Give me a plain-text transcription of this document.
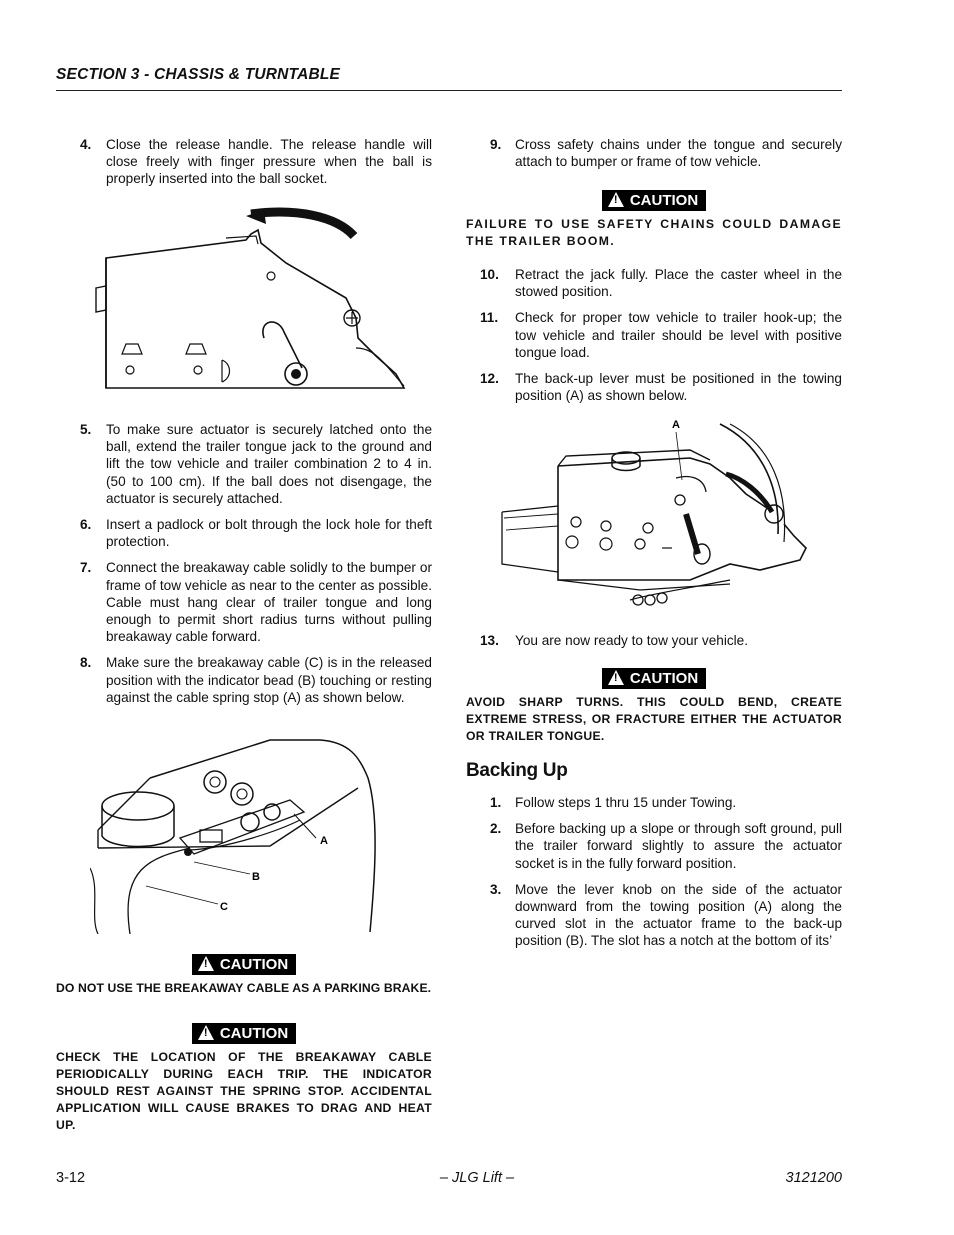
SECTION 3 - CHASSIS & TURNTABLE
4. Close the release handle. The release handle will close freely with finger pressure when the ball is properly inserted into the ball socket.
5. To make sure actuator is securely latched onto the ball, extend the trailer tongue jack to the ground and lift the tow vehicle and trailer combination 2 to 4 in. (50 to 100 cm). If the ball does not disengage, the actuator is securely attached.
6. Insert a padlock or bolt through the lock hole for theft protection.
7. Connect the breakaway cable solidly to the bumper or frame of tow vehicle as near to the center as possible. Cable must hang clear of trailer tongue and long enough to permit short radius turns without pulling breakaway cable forward.
8. Make sure the breakaway cable (C) is in the released position with the indicator bead (B) touching or resting against the cable spring stop (A) as shown below.
A
B
C
! CAUTION
DO NOT USE THE BREAKAWAY CABLE AS A PARKING BRAKE.
! CAUTION
CHECK THE LOCATION OF THE BREAKAWAY CABLE PERIODICALLY DURING EACH TRIP. THE INDICATOR SHOULD REST AGAINST THE SPRING STOP. ACCIDENTAL APPLICATION WILL CAUSE BRAKES TO DRAG AND HEAT UP.
9. Cross safety chains under the tongue and securely attach to bumper or frame of tow vehicle.
! CAUTION
FAILURE TO USE SAFETY CHAINS COULD DAMAGE THE TRAILER BOOM.
10. Retract the jack fully. Place the caster wheel in the stowed position.
11. Check for proper tow vehicle to trailer hook-up; the tow vehicle and trailer should be level with positive tongue load.
12. The back-up lever must be positioned in the towing position (A) as shown below.
A
13. You are now ready to tow your vehicle.
! CAUTION
AVOID SHARP TURNS. THIS COULD BEND, CREATE EXTREME STRESS, OR FRACTURE EITHER THE ACTUATOR OR TRAILER TONGUE.
Backing Up
1. Follow steps 1 thru 15 under Towing.
2. Before backing up a slope or through soft ground, pull the trailer forward slightly to assure the actuator socket is in the fully forward position.
3. Move the lever knob on the side of the actuator downward from the towing position (A) along the curved slot in the actuator frame to the back-up position (B). The slot has a notch at the bottom of its’
3-12	– JLG Lift –	3121200
